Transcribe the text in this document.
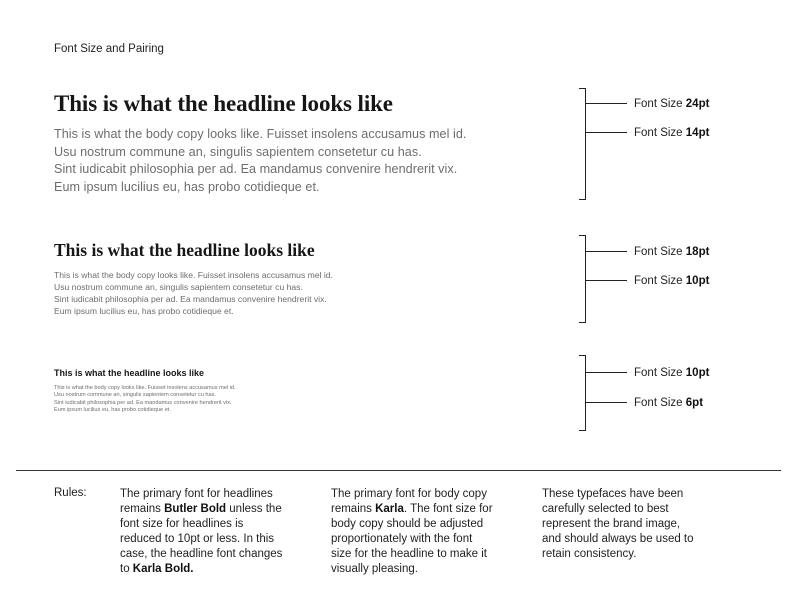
Font Size and Pairing
This is what the headline looks like

This is what the body copy looks like. Fuisset insolens accusamus mel id.
Usu nostrum commune an, singulis sapientem consetetur cu has.
Sint iudicabit philosophia per ad. Ea mandamus convenire hendrerit vix.
Eum ipsum lucilius eu, has probo cotidieque et.

Font Size 24pt
Font Size 14pt
This is what the headline looks like

This is what the body copy looks like. Fuisset insolens accusamus mel id.
Usu nostrum commune an, singulis sapientem consetetur cu has.
Sint iudicabit philosophia per ad. Ea mandamus convenire hendrerit vix.
Eum ipsum lucilius eu, has probo cotidieque et.

Font Size 18pt
Font Size 10pt
This is what the headline looks like

This is what the body copy looks like. Fuisset insolens accusamus mel id.
Usu nostrum commune an, singulis sapientem consetetur cu has.
Sint iudicabit philosophia per ad. Ea mandamus convenire hendrerit vix.
Eum ipsum lucilius eu, has probo cotidieque et.

Font Size 10pt
Font Size 6pt
Rules:	The primary font for headlines
remains Butler Bold unless the
font size for headlines is
reduced to 10pt or less. In this
case, the headline font changes
to Karla Bold.
The primary font for body copy
remains Karla. The font size for
body copy should be adjusted
proportionately with the font
size for the headline to make it
visually pleasing.
These typefaces have been
carefully selected to best
represent the brand image,
and should always be used to
retain consistency.
